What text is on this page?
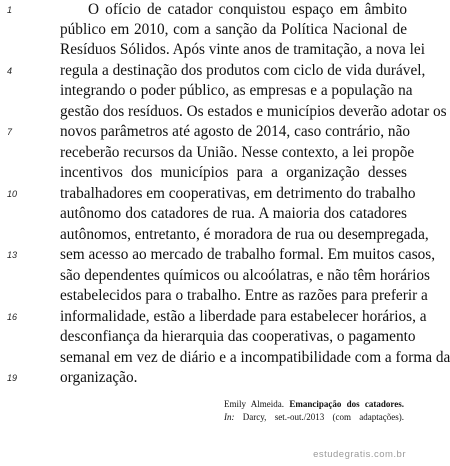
O ofício de catador conquistou espaço em âmbito
público em 2010, com a sanção da Política Nacional de
Resíduos Sólidos. Após vinte anos de tramitação, a nova lei
regula a destinação dos produtos com ciclo de vida durável,
integrando o poder público, as empresas e a população na
gestão dos resíduos. Os estados e municípios deverão adotar os
novos parâmetros até agosto de 2014, caso contrário, não
receberão recursos da União. Nesse contexto, a lei propõe
incentivos dos municípios para a organização desses
trabalhadores em cooperativas, em detrimento do trabalho
autônomo dos catadores de rua. A maioria dos catadores
autônomos, entretanto, é moradora de rua ou desempregada,
sem acesso ao mercado de trabalho formal. Em muitos casos,
são dependentes químicos ou alcoólatras, e não têm horários
estabelecidos para o trabalho. Entre as razões para preferir a
informalidade, estão a liberdade para estabelecer horários, a
desconfiança da hierarquia das cooperativas, o pagamento
semanal em vez de diário e a incompatibilidade com a forma da
organização.
1
4
7
10
13
16
19
Emily Almeida. Emancipação dos catadores.
In: Darcy, set.-out./2013 (com adaptações).
estudegratis.com.br
